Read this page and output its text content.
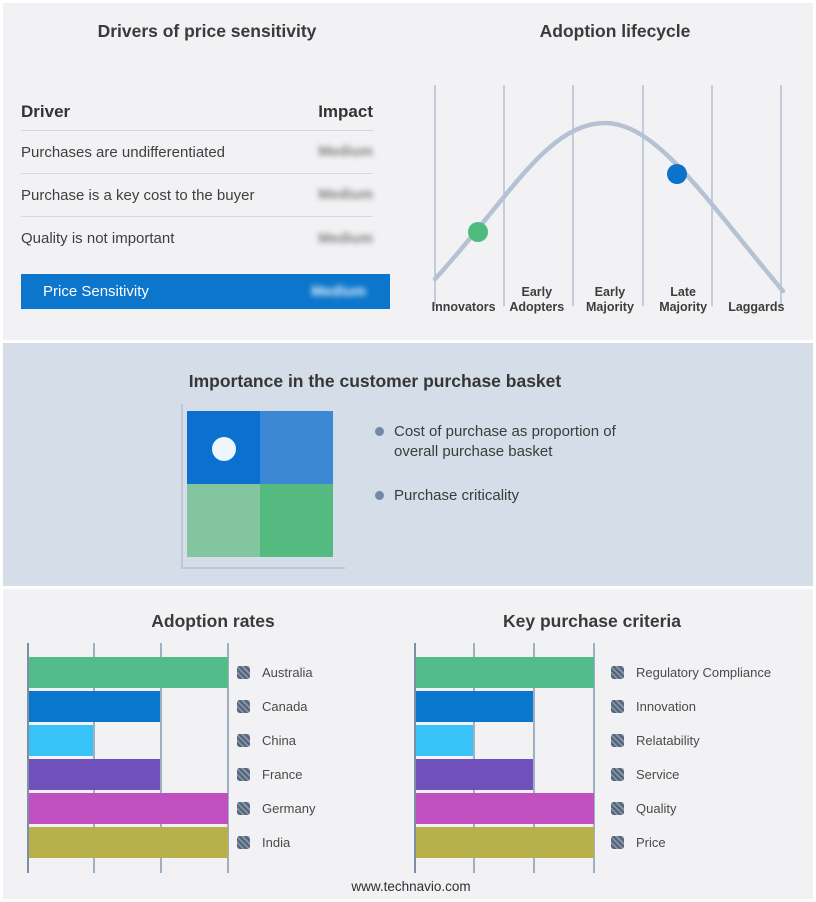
Drivers of price sensitivity
Driver	Impact
Purchases are undifferentiated	Medium
Purchase is a key cost to the buyer	Medium
Quality is not important	Medium
Price Sensitivity	Medium
Adoption lifecycle
Innovators
Early Adopters
Early Majority
Late Majority	Laggards
Importance in the customer purchase basket
Cost of purchase as proportion of overall purchase basket
Purchase criticality
Adoption rates	Key purchase criteria
Australia
Canada
China
France
Germany
India
Regulatory Compliance
Innovation
Relatability
Service
Quality
Price
www.technavio.com
